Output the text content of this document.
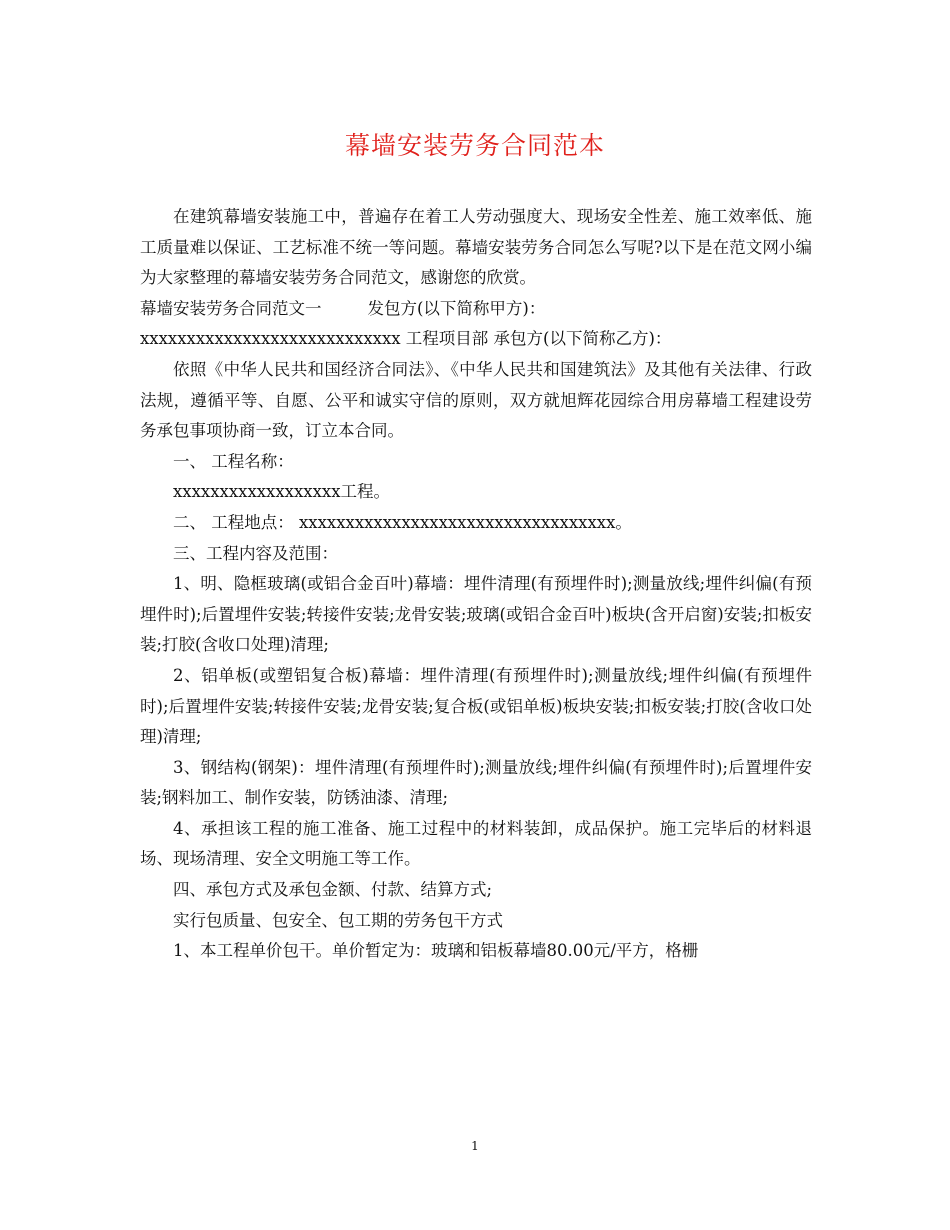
幕墙安装劳务合同范本

在建筑幕墙安装施工中，普遍存在着工人劳动强度大、现场安全性差、施工效率低、施工质量难以保证、工艺标准不统一等问题。幕墙安装劳务合同怎么写呢?以下是在范文网小编为大家整理的幕墙安装劳务合同范文，感谢您的欣赏。

幕墙安装劳务合同范文一	发包方(以下简称甲方)：

xxxxxxxxxxxxxxxxxxxxxxxxxxxx 工程项目部 承包方(以下简称乙方)：

依照《中华人民共和国经济合同法》、《中华人民共和国建筑法》及其他有关法律、行政法规，遵循平等、自愿、公平和诚实守信的原则，双方就旭辉花园综合用房幕墙工程建设劳务承包事项协商一致，订立本合同。

一、 工程名称：

xxxxxxxxxxxxxxxxxx工程。

二、 工程地点： xxxxxxxxxxxxxxxxxxxxxxxxxxxxxxxxxx。

三、工程内容及范围：

1、明、隐框玻璃(或铝合金百叶)幕墙：埋件清理(有预埋件时);测量放线;埋件纠偏(有预埋件时);后置埋件安装;转接件安装;龙骨安装;玻璃(或铝合金百叶)板块(含开启窗)安装;扣板安装;打胶(含收口处理)清理;

2、铝单板(或塑铝复合板)幕墙：埋件清理(有预埋件时);测量放线;埋件纠偏(有预埋件时);后置埋件安装;转接件安装;龙骨安装;复合板(或铝单板)板块安装;扣板安装;打胶(含收口处理)清理;

3、钢结构(钢架)：埋件清理(有预埋件时);测量放线;埋件纠偏(有预埋件时);后置埋件安装;钢料加工、制作安装，防锈油漆、清理;

4、承担该工程的施工准备、施工过程中的材料装卸，成品保护。施工完毕后的材料退场、现场清理、安全文明施工等工作。

四、承包方式及承包金额、付款、结算方式;

实行包质量、包安全、包工期的劳务包干方式

1、本工程单价包干。单价暂定为：玻璃和铝板幕墙80.00元/平方，格栅

1
